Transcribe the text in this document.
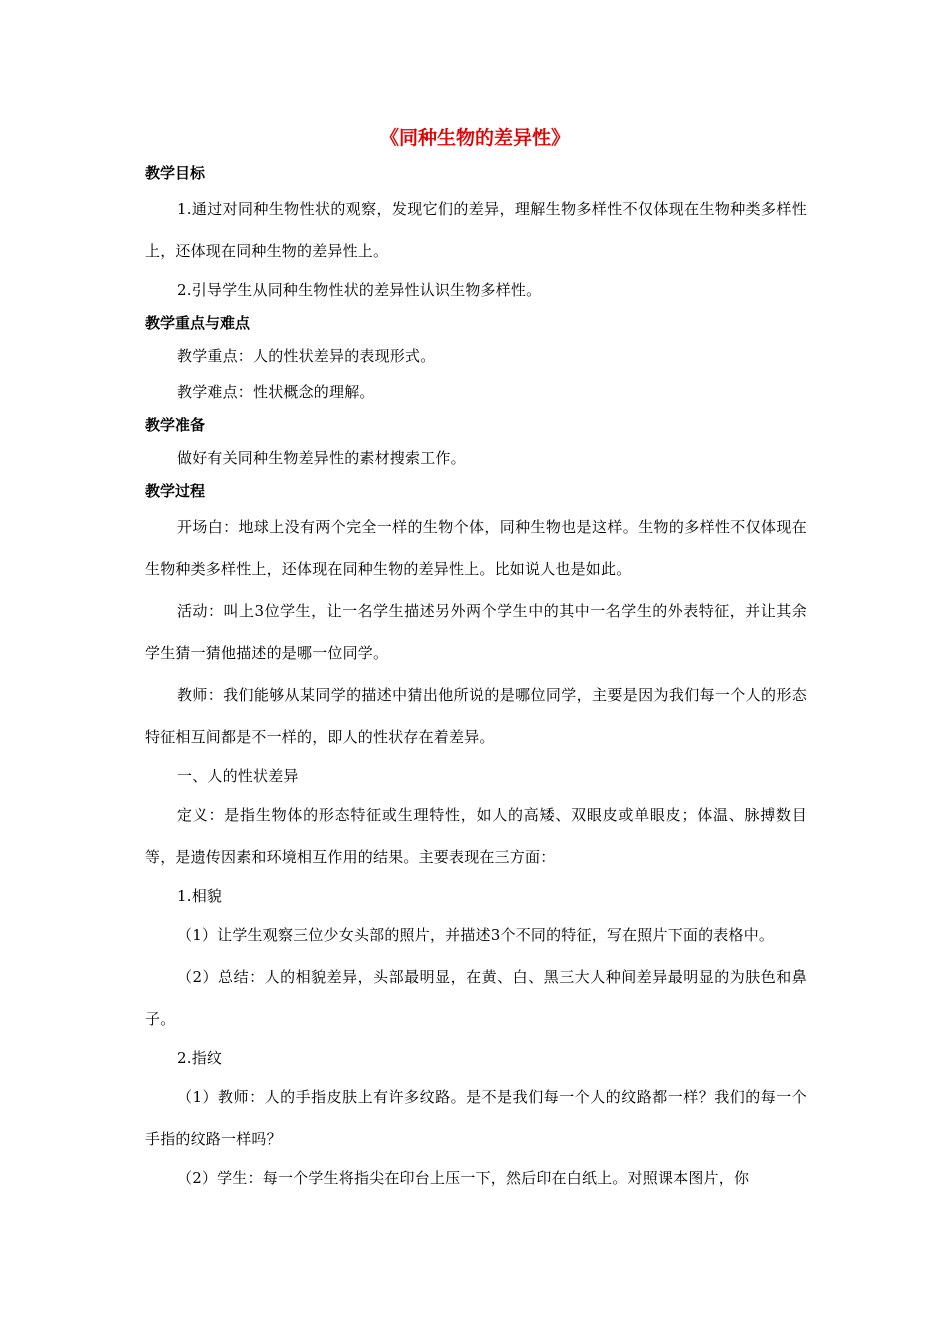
《同种生物的差异性》

教学目标

1.通过对同种生物性状的观察，发现它们的差异，理解生物多样性不仅体现在生物种类多样性上，还体现在同种生物的差异性上。

2.引导学生从同种生物性状的差异性认识生物多样性。

教学重点与难点

教学重点：人的性状差异的表现形式。

教学难点：性状概念的理解。

教学准备

做好有关同种生物差异性的素材搜索工作。

教学过程

开场白：地球上没有两个完全一样的生物个体，同种生物也是这样。生物的多样性不仅体现在生物种类多样性上，还体现在同种生物的差异性上。比如说人也是如此。

活动：叫上3位学生，让一名学生描述另外两个学生中的其中一名学生的外表特征，并让其余学生猜一猜他描述的是哪一位同学。

教师：我们能够从某同学的描述中猜出他所说的是哪位同学，主要是因为我们每一个人的形态特征相互间都是不一样的，即人的性状存在着差异。

一、人的性状差异

定义：是指生物体的形态特征或生理特性，如人的高矮、双眼皮或单眼皮；体温、脉搏数目等，是遗传因素和环境相互作用的结果。主要表现在三方面：

1.相貌

（1）让学生观察三位少女头部的照片，并描述3个不同的特征，写在照片下面的表格中。

（2）总结：人的相貌差异，头部最明显，在黄、白、黑三大人种间差异最明显的为肤色和鼻子。

2.指纹

（1）教师：人的手指皮肤上有许多纹路。是不是我们每一个人的纹路都一样？我们的每一个手指的纹路一样吗？

（2）学生：每一个学生将指尖在印台上压一下，然后印在白纸上。对照课本图片，你
